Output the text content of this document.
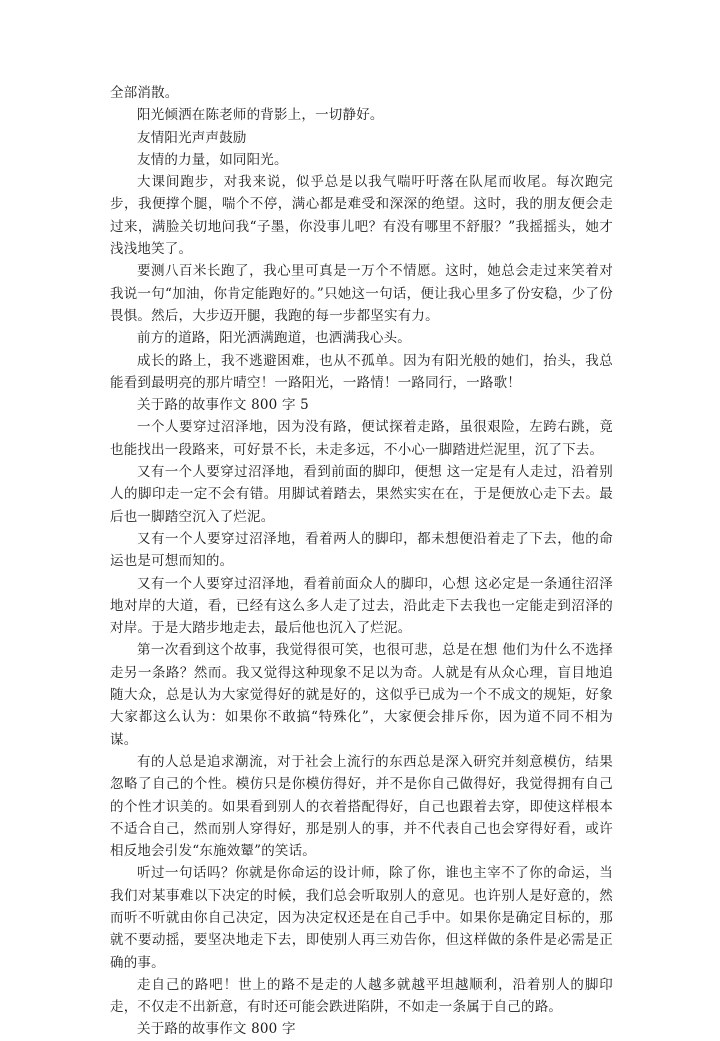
全部消散。

阳光倾洒在陈老师的背影上，一切静好。

友情阳光声声鼓励

友情的力量，如同阳光。

大课间跑步，对我来说，似乎总是以我气喘吁吁落在队尾而收尾。每次跑完步，我便撑个腿，喘个不停，满心都是难受和深深的绝望。这时，我的朋友便会走过来，满脸关切地问我“子墨，你没事儿吧？有没有哪里不舒服？”我摇摇头，她才浅浅地笑了。

要测八百米长跑了，我心里可真是一万个不情愿。这时，她总会走过来笑着对我说一句“加油，你肯定能跑好的。”只她这一句话，便让我心里多了份安稳，少了份畏惧。然后，大步迈开腿，我跑的每一步都坚实有力。

前方的道路，阳光洒满跑道，也洒满我心头。

成长的路上，我不逃避困难，也从不孤单。因为有阳光般的她们，抬头，我总能看到最明亮的那片晴空！一路阳光，一路情！一路同行，一路歌！

关于路的故事作文 800 字 5

一个人要穿过沼泽地，因为没有路，便试探着走路，虽很艰险，左跨右跳，竟也能找出一段路来，可好景不长，未走多远，不小心一脚踏进烂泥里，沉了下去。

又有一个人要穿过沼泽地，看到前面的脚印，便想 这一定是有人走过，沿着别人的脚印走一定不会有错。用脚试着踏去，果然实实在在，于是便放心走下去。最后也一脚踏空沉入了烂泥。

又有一个人要穿过沼泽地，看着两人的脚印，都未想便沿着走了下去，他的命运也是可想而知的。

又有一个人要穿过沼泽地，看着前面众人的脚印，心想 这必定是一条通往沼泽地对岸的大道，看，已经有这么多人走了过去，沿此走下去我也一定能走到沼泽的对岸。于是大踏步地走去，最后他也沉入了烂泥。

第一次看到这个故事，我觉得很可笑，也很可悲，总是在想 他们为什么不选择走另一条路？然而。我又觉得这种现象不足以为奇。人就是有从众心理，盲目地追随大众，总是认为大家觉得好的就是好的，这似乎已成为一个不成文的规矩，好象大家都这么认为：如果你不敢搞“特殊化”，大家便会排斥你，因为道不同不相为谋。

有的人总是追求潮流，对于社会上流行的东西总是深入研究并刻意模仿，结果忽略了自己的个性。模仿只是你模仿得好，并不是你自己做得好，我觉得拥有自己的个性才识美的。如果看到别人的衣着搭配得好，自己也跟着去穿，即使这样根本不适合自己，然而别人穿得好，那是别人的事，并不代表自己也会穿得好看，或许相反地会引发“东施效颦”的笑话。

听过一句话吗？你就是你命运的设计师，除了你，谁也主宰不了你的命运，当我们对某事难以下决定的时候，我们总会听取别人的意见。也许别人是好意的，然而听不听就由你自己决定，因为决定权还是在自己手中。如果你是确定目标的，那就不要动摇，要坚决地走下去，即使别人再三劝告你，但这样做的条件是必需是正确的事。

走自己的路吧！世上的路不是走的人越多就越平坦越顺利，沿着别人的脚印走，不仅走不出新意，有时还可能会跌进陷阱，不如走一条属于自己的路。

关于路的故事作文 800 字
